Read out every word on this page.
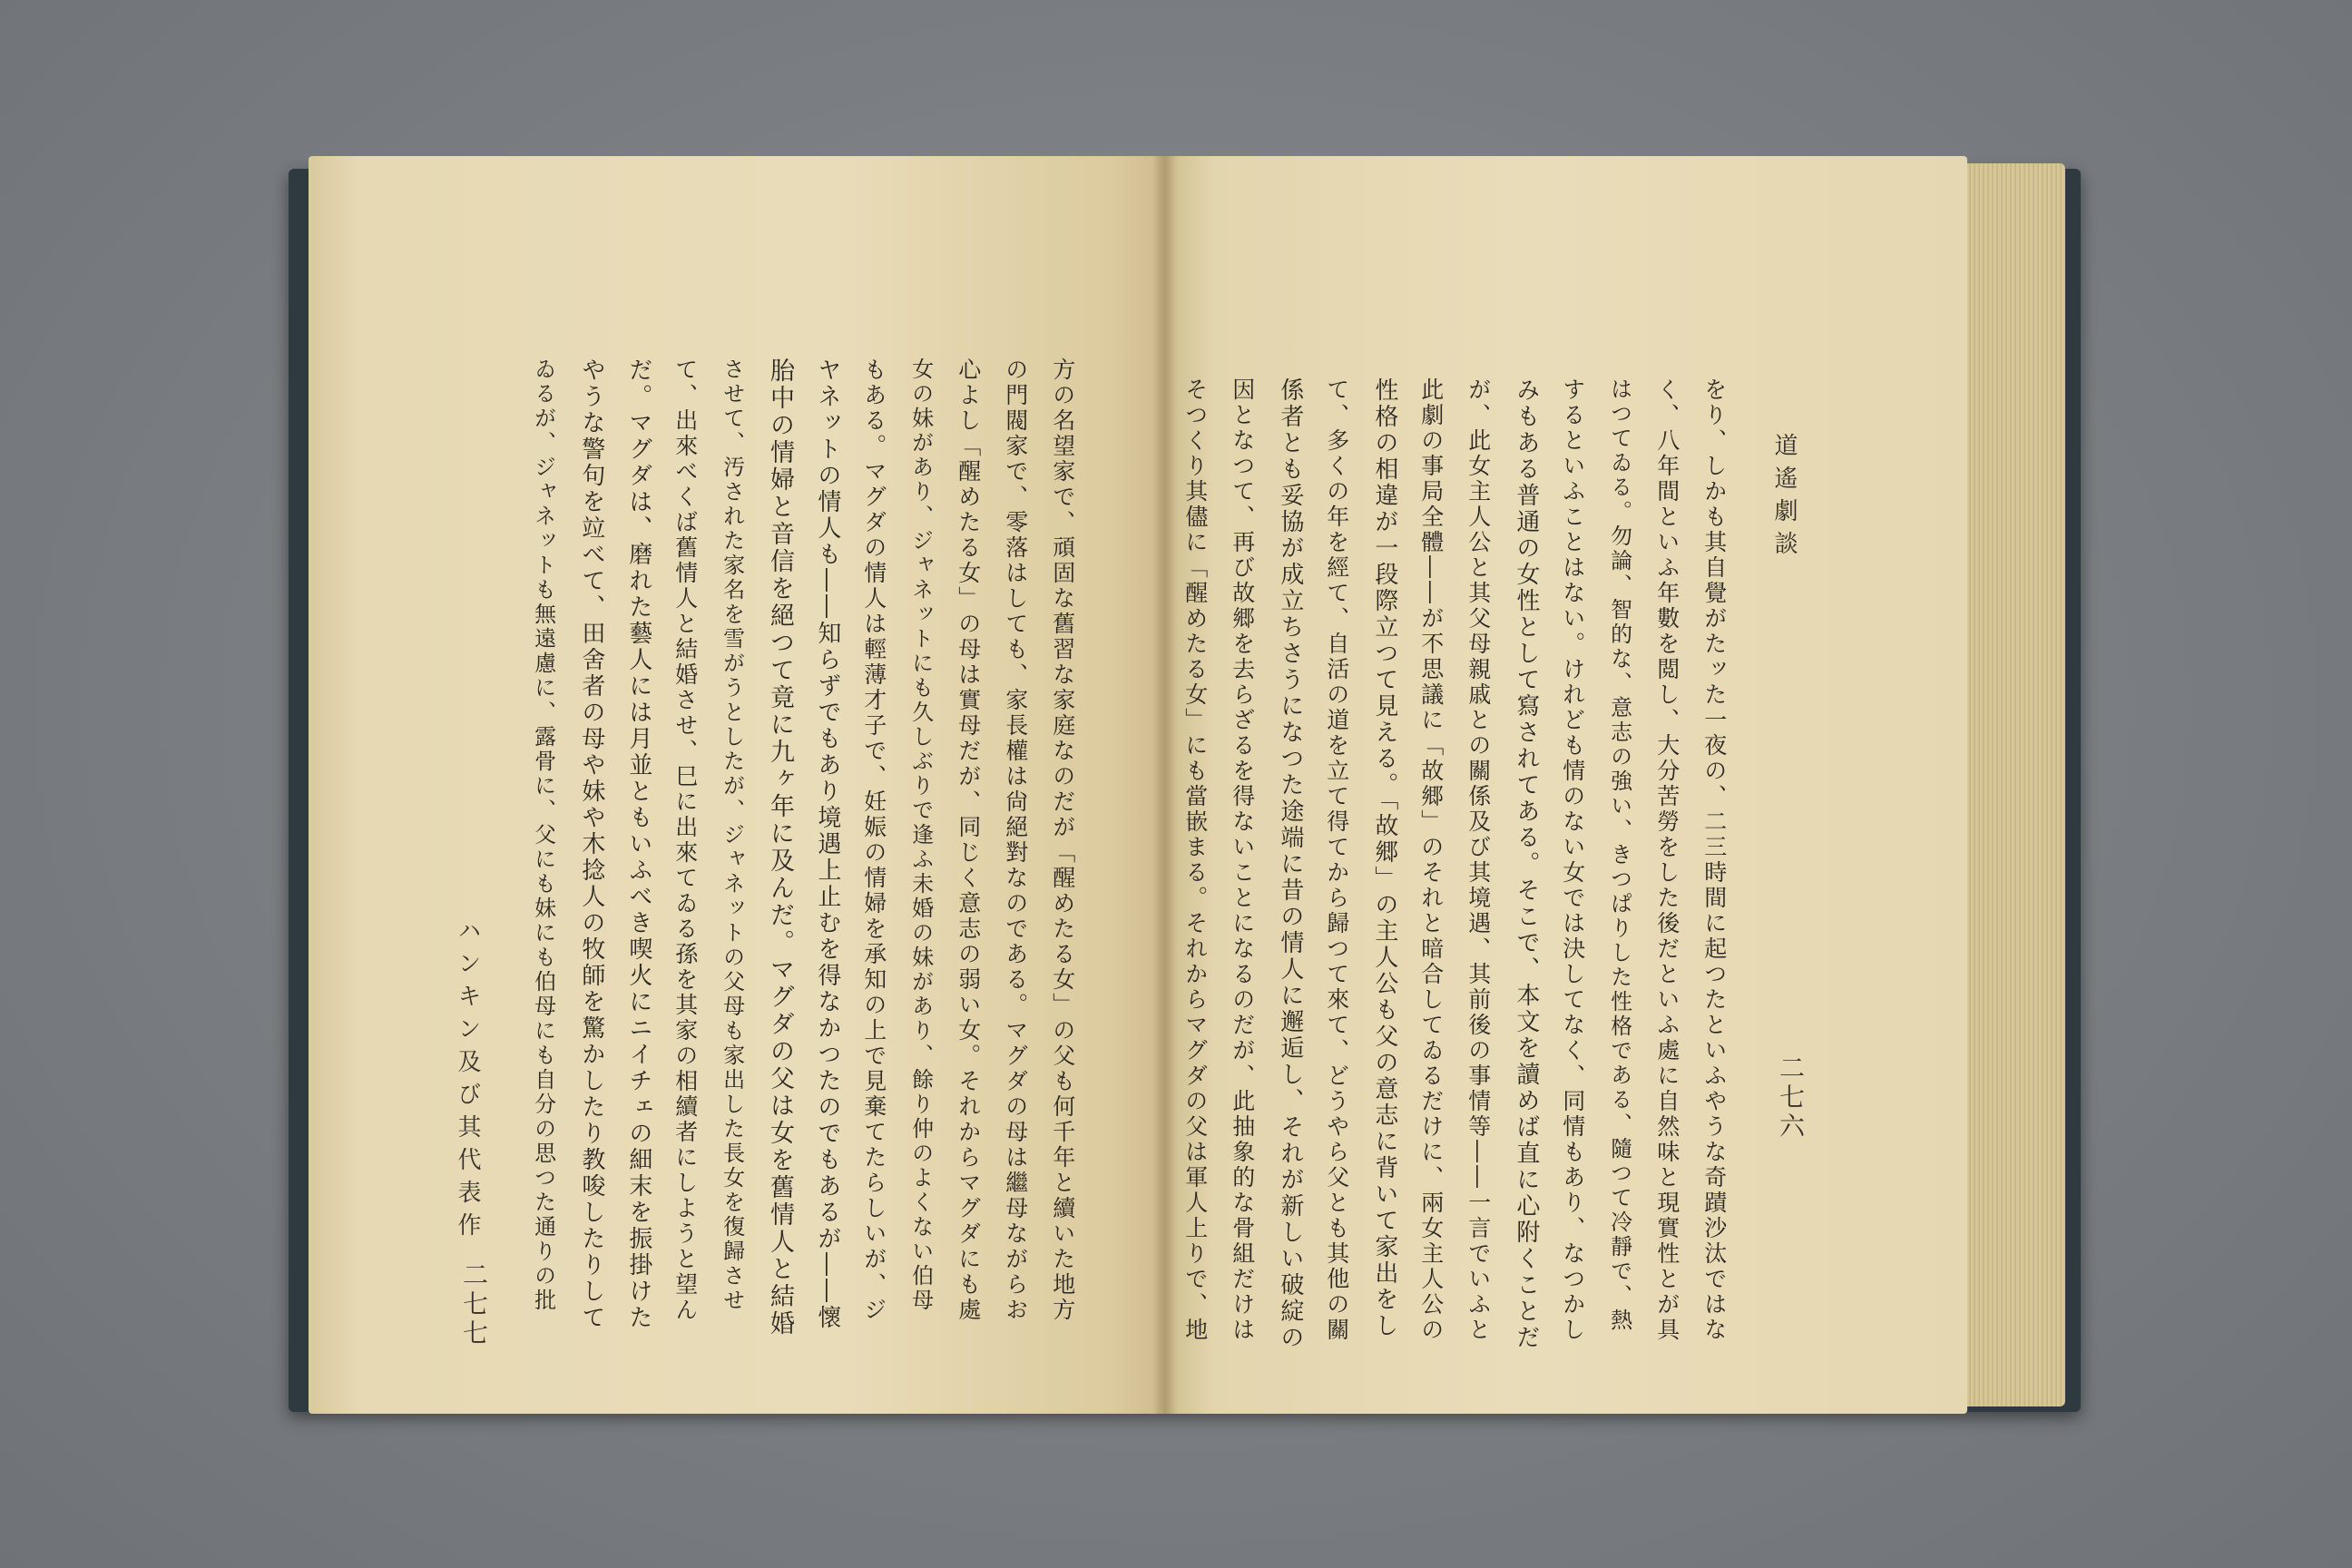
ハンキン及び其代表作
二七七	方の名望家で、頑固な舊習な家庭なのだが「醒めたる女」の父も何千年と續いた地方
の門閥家で、零落はしても、家長權は尙絕對なのである。マグダの母は繼母ながらお
心よし「醒めたる女」の母は實母だが、同じく意志の弱い女。それからマグダにも處
女の妹があり、ジャネットにも久しぶりで逢ふ未婚の妹があり、餘り仲のよくない伯母
もある。マグダの情人は輕薄才子で、妊娠の情婦を承知の上で見棄てたらしいが、ジ
ヤネットの情人も――知らずでもあり境遇上止むを得なかつたのでもあるが――懷
胎中の情婦と音信を絕つて竟に九ヶ年に及んだ。マグダの父は女を舊情人と結婚
させて、汚された家名を雪がうとしたが、ジャネットの父母も家出した長女を復歸させ
て、出來べくば舊情人と結婚させ、巳に出來てゐる孫を其家の相續者にしようと望ん
だ。マグダは、磨れた藝人には月並ともいふべき喫火にニイチェの細末を振掛けた
やうな警句を竝べて、田舍者の母や妹や木捻人の牧師を驚かしたり教唆したりして
ゐるが、ジャネットも無遠慮に、露骨に、父にも妹にも伯母にも自分の思つた通りの批	道遙劇談
二七六
をり、しかも其自覺がたッた一夜の、二三時間に起つたといふやうな奇蹟沙汰ではな
く、八年間といふ年數を閲し、大分苦勞をした後だといふ處に自然味と現實性とが具
はつてゐる。勿論、智的な、意志の強い、きつぱりした性格である、隨つて冷靜で、熱
するといふことはない。けれども情のない女では決してなく、同情もあり、なつかし
みもある普通の女性として寫されてある。そこで、本文を讀めば直に心附くことだ
が、此女主人公と其父母親戚との關係及び其境遇、其前後の事情等――一言でいふと
此劇の事局全體――が不思議に「故郷」のそれと暗合してゐるだけに、兩女主人公の
性格の相違が一段際立つて見える。「故郷」の主人公も父の意志に背いて家出をし
て、多くの年を經て、自活の道を立て得てから歸つて來て、どうやら父とも其他の關
係者とも妥協が成立ちさうになつた途端に昔の情人に邂逅し、それが新しい破綻の
因となつて、再び故郷を去らざるを得ないことになるのだが、此抽象的な骨組だけは
そつくり其儘に「醒めたる女」にも當嵌まる。それからマグダの父は軍人上りで、地
